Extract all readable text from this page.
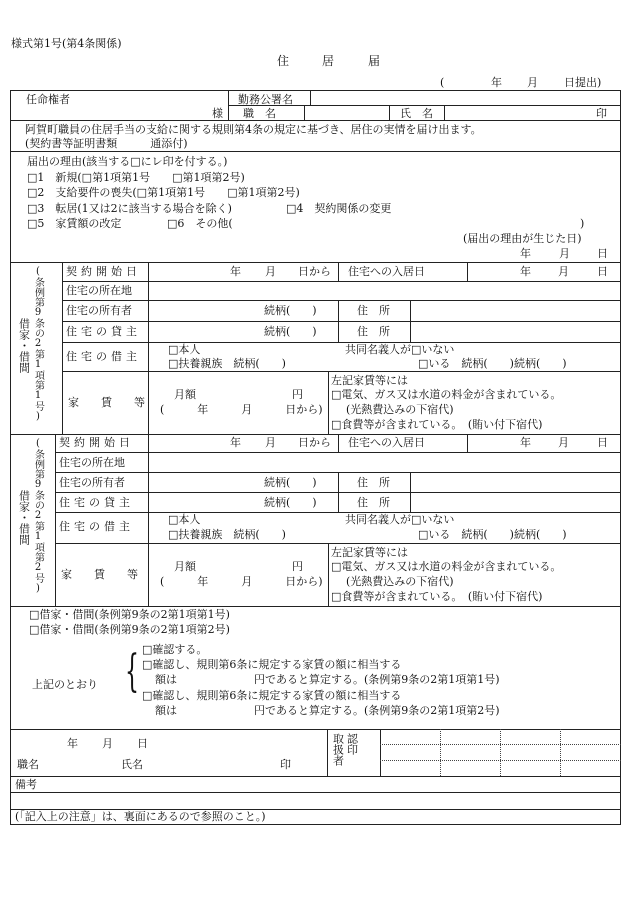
様式第1号(第4条関係)
住	居	届
(	年 月 日提出)
任命権者
様
勤務公署名
職　名	氏　名	印
阿賀町職員の住居手当の支給に関する規則第4条の規定に基づき、居住の実情を届け出ます。
(契約書等証明書類　　　通添付)
届出の理由(該当する□にレ印を付する。)
□1　新規(□第1項第1号　　□第1項第2号)
□2　支給要件の喪失(□第1項第1号　　□第1項第2号)
□3　転居(1又は2に該当する場合を除く)	□4　契約関係の変更
□5　家賃額の改定	□6　その他(	)
(届出の理由が生じた日)
年	月 日
(条例第9条の2第1項第1号)
借家・借間
契約開始日	年 月 日から 住宅への入居日	年 月	日
住宅の所在地
住宅の所有者	続柄(　　)	住　所
住宅の貸主	続柄(　　)	住　所
住宅の借主
□本人
□扶養親族　続柄(　　)
共同名義人が□いない
□いる　続柄(　　)続柄(　　)
家　　賃　　等
月額	円
(　　　年　　　月　　　日から)
左記家賃等には
□電気、ガス又は水道の料金が含まれている。
(光熱費込みの下宿代)
□食費等が含まれている。　(賄い付下宿代)
(条例第9条の2第1項第2号)
借家・借間
契約開始日	年 月 日から 住宅への入居日	年 月	日
住宅の所在地
住宅の所有者	続柄(　　)	住　所
住宅の貸主	続柄(　　)	住　所
住宅の借主
□本人
□扶養親族　続柄(　　)
共同名義人が□いない
□いる　続柄(　　)続柄(　　)
家　　賃　　等
月額	円
(　　　年　　　月　　　日から)
左記家賃等には
□電気、ガス又は水道の料金が含まれている。
(光熱費込みの下宿代)
□食費等が含まれている。　(賄い付下宿代)
□借家・借間(条例第9条の2第1項第1号)
□借家・借間(条例第9条の2第1項第2号)
上記のとおり { □確認する。
□確認し、規則第6条に規定する家賃の額に相当する
額は　　　　　　　円であると算定する。(条例第9条の2第1項第1号)
□確認し、規則第6条に規定する家賃の額に相当する
額は　　　　　　　円であると算定する。(条例第9条の2第1項第2号)
年 月 日
職名	氏名	印	取扱者 認印
備考
(「記入上の注意」は、裏面にあるので参照のこと。)
